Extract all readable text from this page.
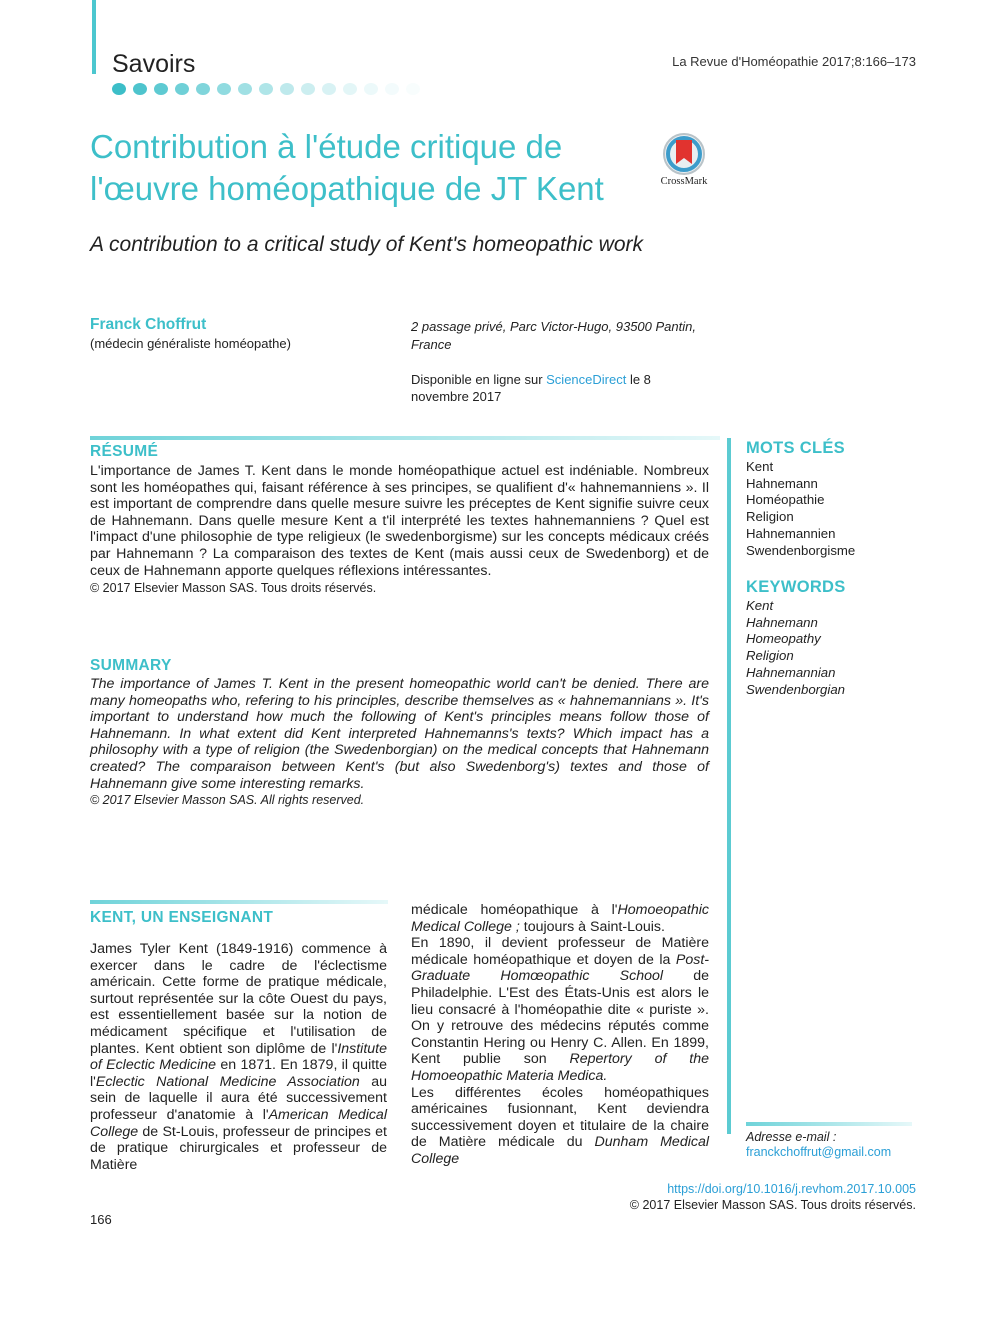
Savoirs	La Revue d'Homéopathie 2017;8:166–173
Contribution à l'étude critique de l'œuvre homéopathique de JT Kent	CrossMark
A contribution to a critical study of Kent's homeopathic work
Franck Choffrut
(médecin généraliste homéopathe)
2 passage privé, Parc Victor-Hugo, 93500 Pantin, France
Disponible en ligne sur ScienceDirect le 8 novembre 2017
RÉSUMÉ
L'importance de James T. Kent dans le monde homéopathique actuel est indéniable. Nombreux sont les homéopathes qui, faisant référence à ses principes, se qualifient d'« hahnemanniens ». Il est important de comprendre dans quelle mesure suivre les préceptes de Kent signifie suivre ceux de Hahnemann. Dans quelle mesure Kent a t'il interprété les textes hahnemanniens ? Quel est l'impact d'une philosophie de type religieux (le swedenborgisme) sur les concepts médicaux créés par Hahnemann ? La comparaison des textes de Kent (mais aussi ceux de Swedenborg) et de ceux de Hahnemann apporte quelques réflexions intéressantes.
© 2017 Elsevier Masson SAS. Tous droits réservés.
SUMMARY
The importance of James T. Kent in the present homeopathic world can't be denied. There are many homeopaths who, refering to his principles, describe themselves as « hahnemannians ». It's important to understand how much the following of Kent's principles means follow those of Hahnemann. In what extent did Kent interpreted Hahnemanns's texts? Which impact has a philosophy with a type of religion (the Swedenborgian) on the medical concepts that Hahnemann created? The comparaison between Kent's (but also Swedenborg's) textes and those of Hahnemann give some interesting remarks.
© 2017 Elsevier Masson SAS. All rights reserved.
MOTS CLÉS
Kent
Hahnemann
Homéopathie
Religion
Hahnemannien
Swendenborgisme
KEYWORDS
Kent
Hahnemann
Homeopathy
Religion
Hahnemannian
Swendenborgian
KENT, UN ENSEIGNANT

James Tyler Kent (1849-1916) commence à exercer dans le cadre de l'éclectisme américain. Cette forme de pratique médicale, surtout représentée sur la côte Ouest du pays, est essentiellement basée sur la notion de médicament spécifique et l'utilisation de plantes. Kent obtient son diplôme de l'Institute of Eclectic Medicine en 1871. En 1879, il quitte l'Eclectic National Medicine Association au sein de laquelle il aura été successivement professeur d'anatomie à l'American Medical College de St-Louis, professeur de principes et de pratique chirurgicales et professeur de Matière

médicale homéopathique à l'Homoeopathic Medical College ; toujours à Saint-Louis.

En 1890, il devient professeur de Matière médicale homéopathique et doyen de la Post-Graduate Homœopathic School de Philadelphie. L'Est des États-Unis est alors le lieu consacré à l'homéopathie dite « puriste ». On y retrouve des médecins réputés comme Constantin Hering ou Henry C. Allen. En 1899, Kent publie son Repertory of the Homoeopathic Materia Medica.

Les différentes écoles homéopathiques américaines fusionnant, Kent deviendra successivement doyen et titulaire de la chaire de Matière médicale du Dunham Medical College

Adresse e-mail :
franckchoffrut@gmail.com
https://doi.org/10.1016/j.revhom.2017.10.005
© 2017 Elsevier Masson SAS. Tous droits réservés.
166
